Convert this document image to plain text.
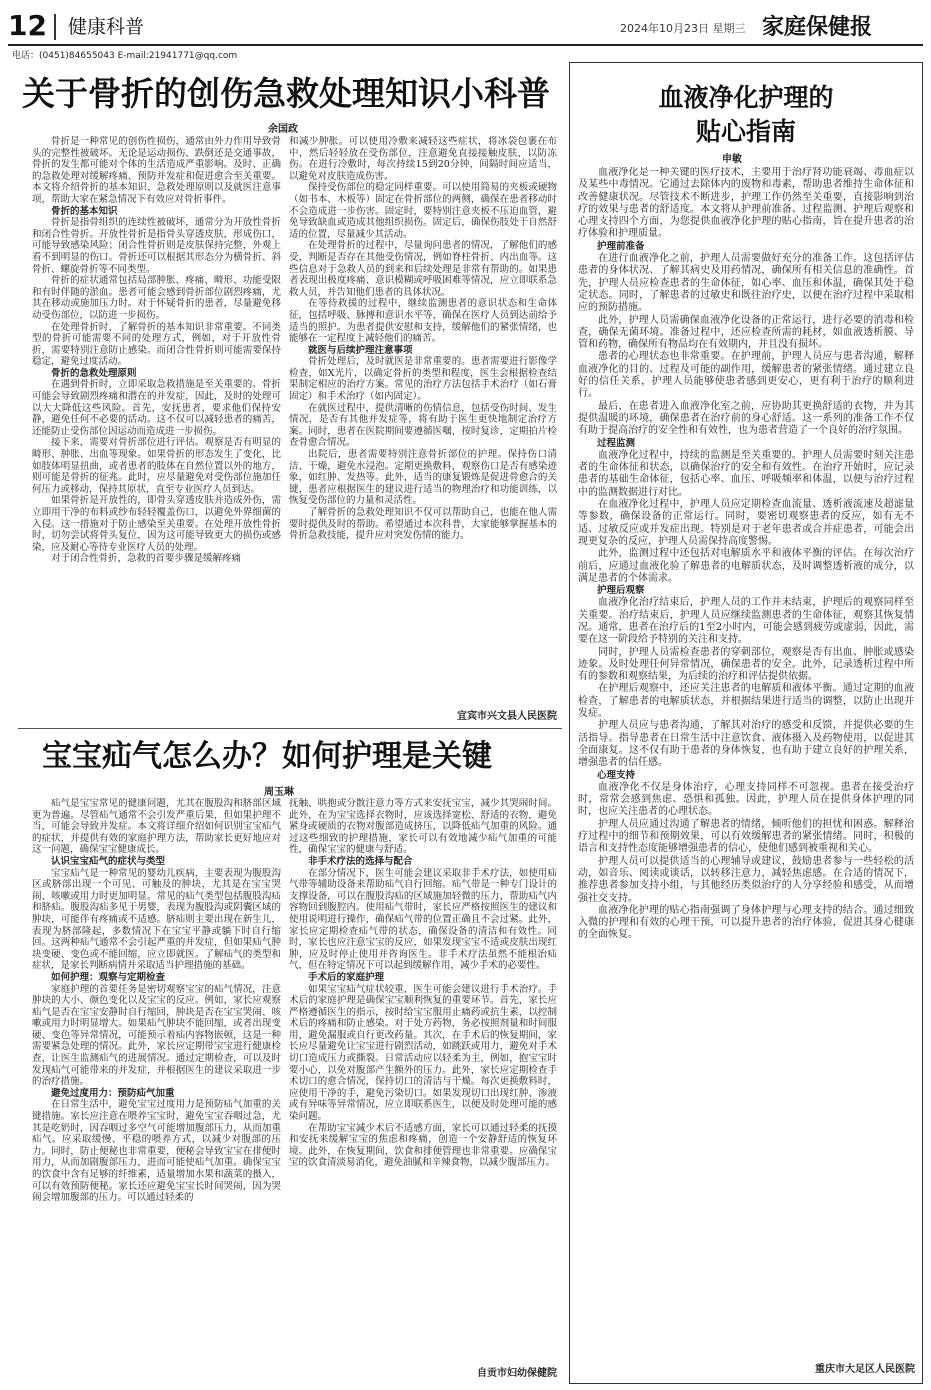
12 健康科普	2024年10月23日 星期三 家庭保健报
电话：(0451)84655043 E-mail:21941771@qq.com
关于骨折的创伤急救处理知识小科普
余国政

骨折是一种常见的创伤性损伤，通常由外力作用导致骨头的完整性被破坏。无论是运动损伤、跌倒还是交通事故，骨折的发生都可能对个体的生活造成严重影响。及时、正确的急救处理对缓解疼痛、预防并发症和促进愈合至关重要。本文将介绍骨折的基本知识、急救处理原则以及就医注意事项，帮助大家在紧急情况下有效应对骨折事件。

骨折的基本知识

骨折是指骨组织的连续性被破坏，通常分为开放性骨折和闭合性骨折。开放性骨折是指骨头穿透皮肤，形成伤口，可能导致感染风险；闭合性骨折则是皮肤保持完整，外观上看不到明显的伤口。骨折还可以根据其形态分为横骨折、斜骨折、螺旋骨折等不同类型。

骨折的症状通常包括局部肿胀、疼痛、畸形、功能受限和有时伴随的淤血。患者可能会感到骨折部位剧烈疼痛，尤其在移动或施加压力时。对于怀疑骨折的患者，尽量避免移动受伤部位，以防进一步损伤。

在处理骨折时，了解骨折的基本知识非常重要。不同类型的骨折可能需要不同的处理方式，例如，对于开放性骨折，需要特别注意防止感染。而闭合性骨折则可能需要保持稳定，避免过度活动。

骨折的急救处理原则

在遇到骨折时，立即采取急救措施是至关重要的。骨折可能会导致剧烈疼痛和潜在的并发症，因此，及时的处理可以大大降低这些风险。首先，安抚患者，要求他们保持安静，避免任何不必要的活动。这不仅可以减轻患者的痛苦，还能防止受伤部位因运动而造成进一步损伤。

接下来，需要对骨折部位进行评估。观察是否有明显的畸形、肿胀、出血等现象。如果骨折的形态发生了变化，比如肢体明显扭曲，或者患者的肢体在自然位置以外的地方，则可能是骨折的征兆。此时，应尽量避免对受伤部位施加任何压力或移动，保持其原状，直至专业医疗人员到达。

如果骨折是开放性的，即骨头穿透皮肤并造成外伤，需立即用干净的布料或纱布轻轻覆盖伤口，以避免外界细菌的入侵。这一措施对于防止感染至关重要。在处理开放性骨折时，切勿尝试将骨头复位，因为这可能导致更大的损伤或感染，应及耐心等待专业医疗人员的处理。

对于闭合性骨折，急救的首要步骤是缓解疼痛

和减少肿胀。可以使用冷敷来减轻这些症状，将冰袋包裹在布中，然后轻轻放在受伤部位，注意避免直接接触皮肤，以防冻伤。在进行冷敷时，每次持续15到20分钟，间隔时间应适当，以避免对皮肤造成伤害。

保持受伤部位的稳定同样重要。可以使用简易的夹板或硬物（如书本、木板等）固定在骨折部位的两侧，确保在患者移动时不会造成进一步伤害。固定时，要特别注意夹板不压迫血管，避免导致缺血或造成其他组织损伤。固定后，确保伤肢处于自然舒适的位置，尽量减少其活动。

在处理骨折的过程中，尽量询问患者的情况，了解他们的感受，判断是否存在其他受伤情况，例如脊柱骨折、内出血等。这些信息对于急救人员的到来和后续处理是非常有帮助的。如果患者表现出极度疼痛、意识模糊或呼吸困难等情况，应立即联系急救人员，并告知他们患者的具体状况。

在等待救援的过程中，继续监测患者的意识状态和生命体征，包括呼吸、脉搏和意识水平等，确保在医疗人员到达前给予适当的照护。为患者提供安慰和支持，缓解他们的紧张情绪，也能够在一定程度上减轻他们的痛苦。

就医与后续护理注意事项

骨折处理后，及时就医是非常重要的。患者需要进行影像学检查，如X光片，以确定骨折的类型和程度，医生会根据检查结果制定相应的治疗方案。常见的治疗方法包括手术治疗（如石膏固定）和手术治疗（如内固定）。

在就医过程中，提供清晰的伤情信息，包括受伤时间、发生情况，是否有其他并发症等，将有助于医生更快地制定治疗方案。同时，患者在医院期间要遵循医嘱，按时复诊，定期拍片检查骨愈合情况。

出院后，患者需要特别注意骨折部位的护理。保持伤口清洁、干燥，避免水浸泡。定期更换敷料，观察伤口是否有感染迹象，如红肿、发热等。此外，适当的康复锻炼是促进骨愈合的关键，患者应根据医生的建议进行适当的物理治疗和功能训练，以恢复受伤部位的力量和灵活性。

了解骨折的急救处理知识不仅可以帮助自己，也能在他人需要时提供及时的帮助。希望通过本次科普，大家能够掌握基本的骨折急救技能，提升应对突发伤情的能力。

宜宾市兴文县人民医院
宝宝疝气怎么办？如何护理是关键
周玉琳

疝气是宝宝常见的健康问题，尤其在腹股沟和脐部区域更为普遍。尽管疝气通常不会引发严重后果，但如果护理不当，可能会导致并发症。本文将详细介绍如何识别宝宝疝气的症状，并提供有效的家庭护理方法，帮助家长更好地应对这一问题，确保宝宝健康成长。

认识宝宝疝气的症状与类型

宝宝疝气是一种常见的婴幼儿疾病，主要表现为腹股沟区或脐部出现一个可见、可触及的肿块，尤其是在宝宝哭闹、咳嗽或用力时更加明显。常见的疝气类型包括腹股沟疝和脐疝。腹股沟疝多见于男婴，表现为腹股沟或阴囊区域的肿块，可能伴有疼痛或不适感。脐疝则主要出现在新生儿，表现为脐部隆起，多数情况下在宝宝平静或躺下时自行缩回。这两种疝气通常不会引起严重的并发症，但如果疝气肿块变硬、变色或不能回缩，应立即就医。了解疝气的类型和症状，是家长判断病情并采取适当护理措施的基础。

如何护理：观察与定期检查

家庭护理的首要任务是密切观察宝宝的疝气情况，注意肿块的大小、颜色变化以及宝宝的反应。例如，家长应观察疝气是否在宝宝安静时自行缩回，肿块是否在宝宝哭闹、咳嗽或用力时明显增大。如果疝气肿块不能回缩，或者出现变硬、变色等异常情况，可能预示着疝内容物嵌顿，这是一种需要紧急处理的情况。此外，家长应定期带宝宝进行健康检查，让医生监测疝气的进展情况。通过定期检查，可以及时发现疝气可能带来的并发症，并根据医生的建议采取进一步的治疗措施。

避免过度用力：预防疝气加重

在日常生活中，避免宝宝过度用力是预防疝气加重的关键措施。家长应注意在喂养宝宝时，避免宝宝吞咽过急，尤其是吃奶时，因吞咽过多空气可能增加腹部压力，从而加重疝气。应采取缓慢、平稳的喂养方式，以减少对腹部的压力。同时，防止便秘也非常重要，便秘会导致宝宝在排便时用力，从而加剧腹部压力，进而可能使疝气加重。确保宝宝的饮食中含有足够的纤维素，适量增加水果和蔬菜的摄入，可以有效预防便秘。家长还应避免宝宝长时间哭闹，因为哭闹会增加腹部的压力。可以通过轻柔的

抚触、哄抱或分散注意力等方式来安抚宝宝，减少其哭闹时间。此外，在为宝宝选择衣物时，应该选择宽松、舒适的衣物，避免紧身或硬质的衣物对腹部造成挤压，以降低疝气加重的风险。通过这些细致的护理措施，家长可以有效地减少疝气加重的可能性，确保宝宝的健康与舒适。

非手术疗法的选择与配合

在部分情况下，医生可能会建议采取非手术疗法，如使用疝气带等辅助设备来帮助疝气自行回缩。疝气带是一种专门设计的支撑设备，可以在腹股沟疝的区域施加轻微的压力，帮助疝气内容物回到腹腔内。使用疝气带时，家长应严格按照医生的建议和使用说明进行操作，确保疝气带的位置正确且不会过紧。此外，家长应定期检查疝气带的状态，确保设备的清洁和有效性。同时，家长也应注意宝宝的反应，如果发现宝宝不适或皮肤出现红肿，应及时停止使用并咨询医生。非手术疗法虽然不能根治疝气，但在特定情况下可以起到缓解作用，减少手术的必要性。

手术后的家庭护理

如果宝宝疝气症状较重，医生可能会建议进行手术治疗。手术后的家庭护理是确保宝宝顺利恢复的重要环节。首先，家长应严格遵循医生的指示，按时给宝宝服用止痛药或抗生素，以控制术后的疼痛和防止感染。对于处方药物，务必按照剂量和时间服用，避免漏服或自行更改药量。其次，在手术后的恢复期间，家长应尽量避免让宝宝进行剧烈活动，如跳跃或用力，避免对手术切口造成压力或撕裂。日常活动应以轻柔为主，例如，抱宝宝时要小心，以免对腹部产生额外的压力。此外，家长应定期检查手术切口的愈合情况，保持切口的清洁与干燥。每次更换敷料时，应使用干净的手，避免污染切口。如果发现切口出现红肿、渗液或有异味等异常情况，应立即联系医生，以便及时处理可能的感染问题。

在帮助宝宝减少术后不适感方面，家长可以通过轻柔的抚摸和安抚来缓解宝宝的焦虑和疼痛，创造一个安静舒适的恢复环境。此外，在恢复期间，饮食和排便管理也非常重要。应确保宝宝的饮食清淡易消化，避免油腻和辛辣食物，以减少腹部压力。

自贡市妇幼保健院
血液净化护理的
贴心指南
申敏

血液净化是一种关键的医疗技术，主要用于治疗肾功能衰竭、毒血症以及某些中毒情况。它通过去除体内的废物和毒素，帮助患者维持生命体征和改善健康状况。尽管技术不断进步，护理工作仍然至关重要，直接影响到治疗的效果与患者的舒适度。本文将从护理前准备、过程监测、护理后观察和心理支持四个方面，为您提供血液净化护理的贴心指南，旨在提升患者的治疗体验和护理质量。

护理前准备

在进行血液净化之前，护理人员需要做好充分的准备工作。这包括评估患者的身体状况、了解其病史及用药情况，确保所有相关信息的准确性。首先，护理人员应检查患者的生命体征，如心率、血压和体温，确保其处于稳定状态。同时，了解患者的过敏史和既往治疗史，以便在治疗过程中采取相应的预防措施。

此外，护理人员需确保血液净化设备的正常运行，进行必要的消毒和检查，确保无菌环境。准备过程中，还应检查所需的耗材，如血液透析膜、导管和药物，确保所有物品均在有效期内，并且没有损坏。

患者的心理状态也非常重要。在护理前，护理人员应与患者沟通，解释血液净化的目的、过程及可能的副作用，缓解患者的紧张情绪。通过建立良好的信任关系，护理人员能够使患者感到更安心，更有利于治疗的顺利进行。

最后，在患者进入血液净化室之前，应协助其更换舒适的衣物，并为其提供温暖的环境，确保患者在治疗前的身心舒适。这一系列的准备工作不仅有助于提高治疗的安全性和有效性，也为患者营造了一个良好的治疗氛围。

过程监测

血液净化过程中，持续的监测是至关重要的。护理人员需要时刻关注患者的生命体征和状态，以确保治疗的安全和有效性。在治疗开始时，应记录患者的基础生命体征，包括心率、血压、呼吸频率和体温，以便与治疗过程中的监测数据进行对比。

在血液净化过程中，护理人员应定期检查血流量、透析液流速及超滤量等参数，确保设备的正常运行。同时，要密切观察患者的反应，如有无不适、过敏反应或并发症出现。特别是对于老年患者或合并症患者，可能会出现更复杂的反应，护理人员需保持高度警惕。

此外，监测过程中还包括对电解质水平和液体平衡的评估。在每次治疗前后，应通过血液化验了解患者的电解质状态，及时调整透析液的成分，以满足患者的个体需求。

护理后观察

血液净化治疗结束后，护理人员的工作并未结束，护理后的观察同样至关重要。治疗结束后，护理人员应继续监测患者的生命体征，观察其恢复情况。通常，患者在治疗后的1至2小时内，可能会感到疲劳或虚弱，因此，需要在这一阶段给予特别的关注和支持。

同时，护理人员需检查患者的穿刺部位，观察是否有出血、肿胀或感染迹象。及时处理任何异常情况，确保患者的安全。此外，记录透析过程中所有的参数和观察结果，为后续的治疗和评估提供依据。

在护理后观察中，还应关注患者的电解质和液体平衡。通过定期的血液检查，了解患者的电解质状态，并根据结果进行适当的调整，以防止出现并发症。

护理人员应与患者沟通，了解其对治疗的感受和反馈，并提供必要的生活指导。指导患者在日常生活中注意饮食、液体摄入及药物使用，以促进其全面康复。这不仅有助于患者的身体恢复，也有助于建立良好的护理关系，增强患者的信任感。

心理支持

血液净化不仅是身体治疗，心理支持同样不可忽视。患者在接受治疗时，常常会感到焦虑、恐惧和孤独。因此，护理人员在提供身体护理的同时，也应关注患者的心理状态。

护理人员应通过沟通了解患者的情绪，倾听他们的担忧和困惑。解释治疗过程中的细节和预期效果，可以有效缓解患者的紧张情绪。同时，积极的语言和支持性态度能够增强患者的信心，使他们感到被重视和关心。

护理人员可以提供适当的心理辅导或建议，鼓励患者参与一些轻松的活动，如音乐、阅读或谈话，以转移注意力，减轻焦虑感。在合适的情况下，推荐患者参加支持小组，与其他经历类似治疗的人分享经验和感受，从而增强社交支持。

血液净化护理的贴心指南强调了身体护理与心理支持的结合。通过细致入微的护理和有效的心理干预，可以提升患者的治疗体验，促进其身心健康的全面恢复。

重庆市大足区人民医院
